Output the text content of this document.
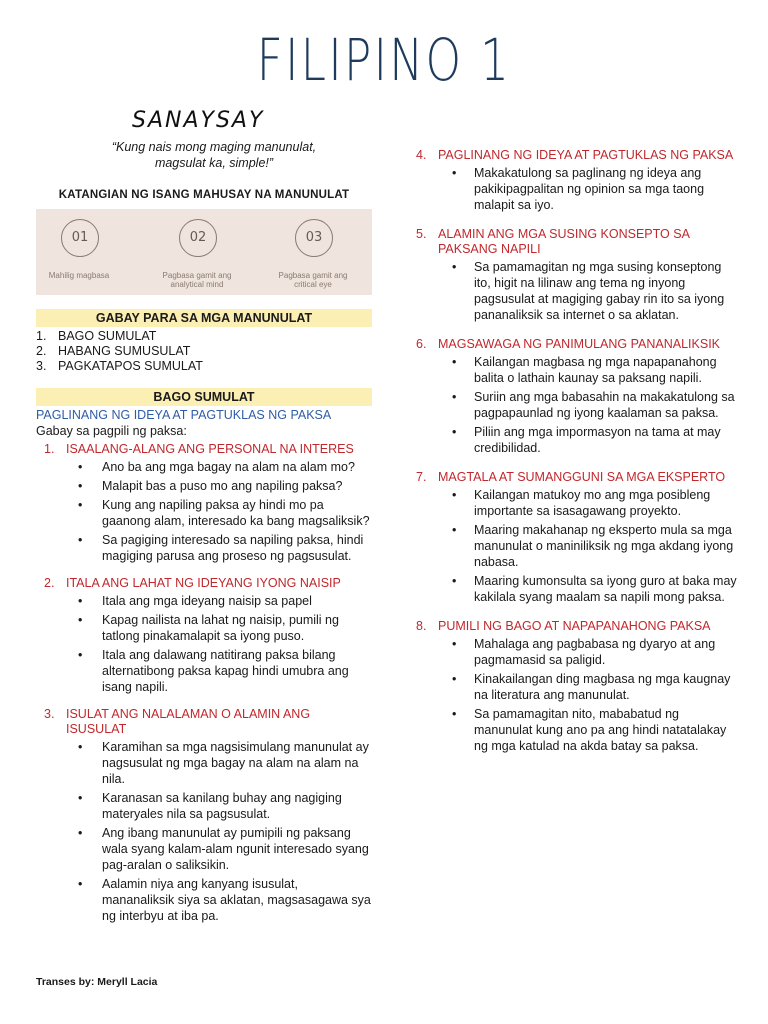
FILIPINO 1
SANAYSAY
“Kung nais mong maging manunulat,
magsulat ka, simple!”
KATANGIAN NG ISANG MAHUSAY NA MANUNULAT
01
Mahilig magbasa
02
Pagbasa gamit ang
analytical mind
03
Pagbasa gamit ang
critical eye
GABAY PARA SA MGA MANUNULAT
1. BAGO SUMULAT
2. HABANG SUMUSULAT
3. PAGKATAPOS SUMULAT
BAGO SUMULAT
PAGLINANG NG IDEYA AT PAGTUKLAS NG PAKSA
Gabay sa pagpili ng paksa:
1. ISAALANG-ALANG ANG PERSONAL NA INTERES
• Ano ba ang mga bagay na alam na alam mo?
• Malapit bas a puso mo ang napiling paksa?
• Kung ang napiling paksa ay hindi mo pa gaanong alam, interesado ka bang magsaliksik?
• Sa pagiging interesado sa napiling paksa, hindi magiging parusa ang proseso ng pagsusulat.
2. ITALA ANG LAHAT NG IDEYANG IYONG NAISIP
• Itala ang mga ideyang naisip sa papel
• Kapag nailista na lahat ng naisip, pumili ng tatlong pinakamalapit sa iyong puso.
• Itala ang dalawang natitirang paksa bilang alternatibong paksa kapag hindi umubra ang isang napili.
3. ISULAT ANG NALALAMAN O ALAMIN ANG ISUSULAT
• Karamihan sa mga nagsisimulang manunulat ay nagsusulat ng mga bagay na alam na alam na nila.
• Karanasan sa kanilang buhay ang nagiging materyales nila sa pagsusulat.
• Ang ibang manunulat ay pumipili ng paksang wala syang kalam-alam ngunit interesado syang pag-aralan o saliksikin.
• Aalamin niya ang kanyang isusulat, mananaliksik siya sa aklatan, magsasagawa sya ng interbyu at iba pa.
4. PAGLINANG NG IDEYA AT PAGTUKLAS NG PAKSA
• Makakatulong sa paglinang ng ideya ang pakikipagpalitan ng opinion sa mga taong malapit sa iyo.
5. ALAMIN ANG MGA SUSING KONSEPTO SA PAKSANG NAPILI
• Sa pamamagitan ng mga susing konseptong ito, higit na lilinaw ang tema ng inyong pagsusulat at magiging gabay rin ito sa iyong pananaliksik sa internet o sa aklatan.
6. MAGSAWAGA NG PANIMULANG PANANALIKSIK
• Kailangan magbasa ng mga napapanahong balita o lathain kaunay sa paksang napili.
• Suriin ang mga babasahin na makakatulong sa pagpapaunlad ng iyong kaalaman sa paksa.
• Piliin ang mga impormasyon na tama at may credibilidad.
7. MAGTALA AT SUMANGGUNI SA MGA EKSPERTO
• Kailangan matukoy mo ang mga posibleng importante sa isasagawang proyekto.
• Maaring makahanap ng eksperto mula sa mga manunulat o maniniliksik ng mga akdang iyong nabasa.
• Maaring kumonsulta sa iyong guro at baka may kakilala syang maalam sa napili mong paksa.
8. PUMILI NG BAGO AT NAPAPANAHONG PAKSA
• Mahalaga ang pagbabasa ng dyaryo at ang pagmamasid sa paligid.
• Kinakailangan ding magbasa ng mga kaugnay na literatura ang manunulat.
• Sa pamamagitan nito, mababatud ng manunulat kung ano pa ang hindi natatalakay ng mga katulad na akda batay sa paksa.
Transes by: Meryll Lacia
